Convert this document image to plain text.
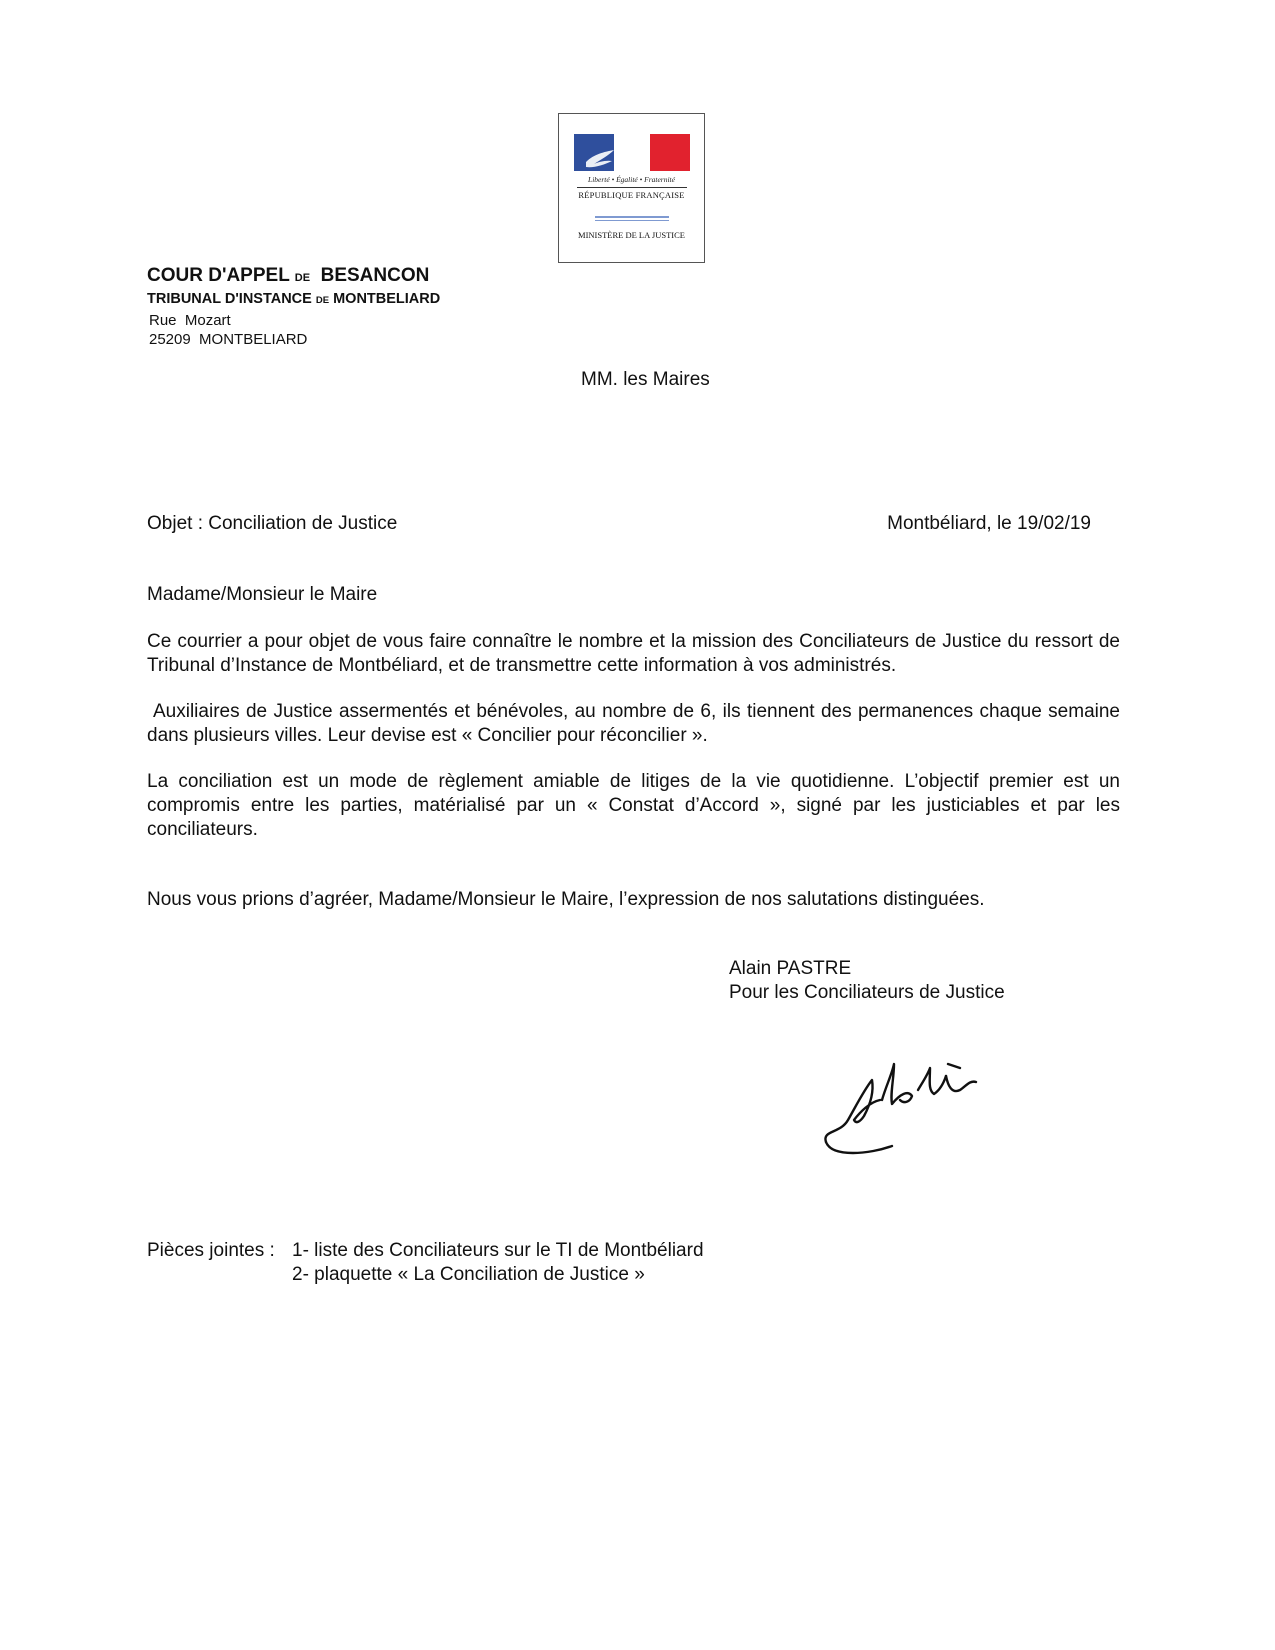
Liberté • Égalité • Fraternité
RÉPUBLIQUE FRANÇAISE
MINISTÈRE DE LA JUSTICE
COUR D'APPEL DE BESANCON
TRIBUNAL D'INSTANCE DE MONTBELIARD
Rue  Mozart
25209  MONTBELIARD
MM. les Maires
Objet : Conciliation de Justice	Montbéliard, le 19/02/19
Madame/Monsieur le Maire
Ce courrier a pour objet de vous faire connaître le nombre et la mission des Conciliateurs de Justice du ressort de Tribunal d’Instance de Montbéliard, et de transmettre cette information à vos administrés.
Auxiliaires de Justice assermentés et bénévoles, au nombre de 6, ils tiennent des permanences chaque semaine dans plusieurs villes. Leur devise est « Concilier pour réconcilier ».
La conciliation est un mode de règlement amiable de litiges de la vie quotidienne. L’objectif premier est un compromis entre les parties, matérialisé par un « Constat d’Accord », signé par les justiciables et par les conciliateurs.
Nous vous prions d’agréer, Madame/Monsieur le Maire, l’expression de nos salutations distinguées.
Alain PASTRE
Pour les Conciliateurs de Justice
Pièces jointes : 1- liste des Conciliateurs sur le TI de Montbéliard
2- plaquette « La Conciliation de Justice »
